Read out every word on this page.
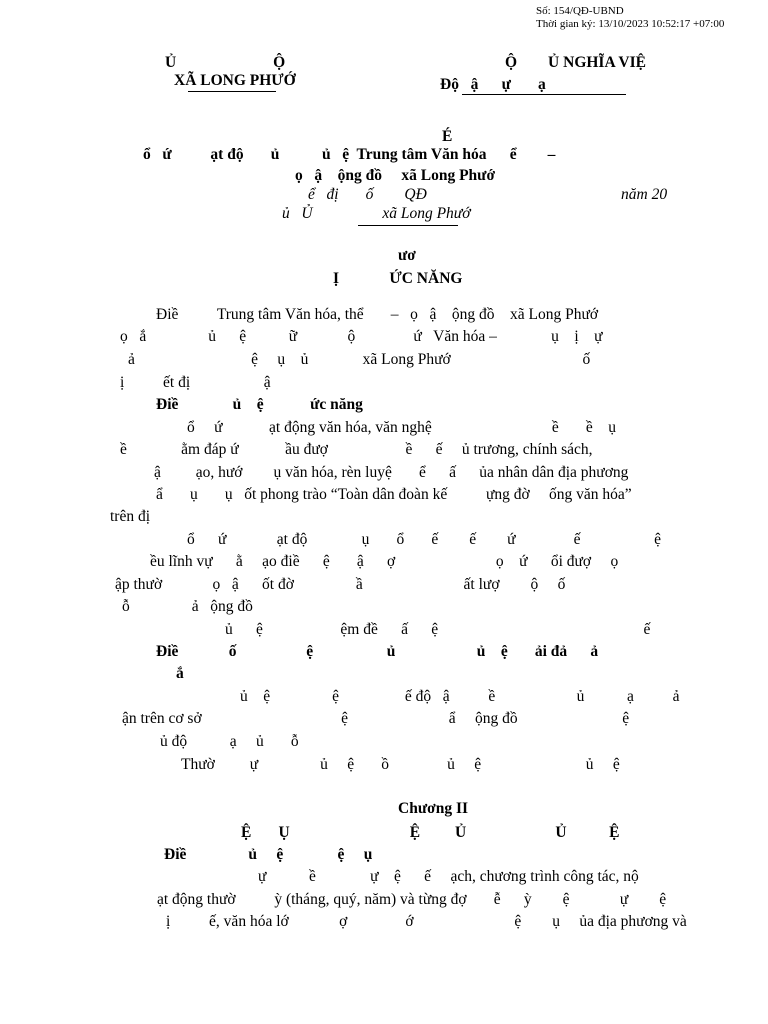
Số: 154/QĐ-UBND
Thời gian ký: 13/10/2023 10:52:17 +07:00
Ủ                         Ộ
XÃ LONG PHƯỚ
Ộ        Ủ NGHĨA VIỆ
Độ   ậ      ự       ạ
É
ổ   ứ          ạt độ       ủ           ủ   ệ  Trung tâm Văn hóa      ể        –
ọ   ậ    ộng đồ     xã Long Phướ
ể   đị       ố        QĐ	năm 20
ủ   Ủ                  xã Long Phướ
ươ
Ị             ỨC NĂNG
Điề          Trung tâm Văn hóa, thể       –   ọ   ậ    ộng đồ    xã Long Phướ
ọ   ắ                ủ      ệ           ữ             ộ               ứ   Văn hóa –              ụ    ị    ự
ả                              ệ     ụ    ủ              xã Long Phướ                                  ố
ị          ết đị                   ậ
Điề              ủ    ệ            ức năng
ổ     ứ            ạt động văn hóa, văn nghệ                               ề       ề    ụ
ề              ằm đáp ứ            ầu đượ                    ề      ế     ủ trương, chính sách,
ậ         ạo, hướ        ụ văn hóa, rèn luyệ       ể      ấ      ủa nhân dân địa phương
ẩ       ụ       ụ   ốt phong trào “Toàn dân đoàn kế          ựng đờ     ống văn hóa”
trên đị
ổ      ứ             ạt độ              ụ       ổ       ế        ế        ứ               ế                   ệ
ều lĩnh vự      ằ     ạo điề      ệ       ậ      ợ                          ọ    ứ      ổi đượ     ọ
ập thườ             ọ   ậ      ốt đờ                ầ                          ất lượ        ộ     ố
ỗ                ả   ộng đồ
ủ      ệ                    ệm đề      ấ      ệ                                                     ế
Điề             ố                  ệ                   ủ                     ủ    ệ       ải đả      ả
ắ
ủ    ệ                ệ                 ế độ   ậ          ề                     ủ           ạ          ả
ận trên cơ sở                                    ệ                          ẩ     ộng đồ                           ệ
ủ độ           ạ     ủ       ỗ
Thườ         ự                ủ     ệ       ồ               ủ     ệ                           ủ     ệ
Chương II
Ệ       Ụ                               Ệ         Ủ                       Ủ           Ệ
Điề                ủ     ệ              ệ     ụ
ự           ề              ự    ệ      ế     ạch, chương trình công tác, nộ
ạt động thườ          ỳ (tháng, quý, năm) và từng đợ       ễ      ỳ        ệ             ự        ệ
ị          ế, văn hóa lớ             ợ               ớ                          ệ        ụ     ủa địa phương và
